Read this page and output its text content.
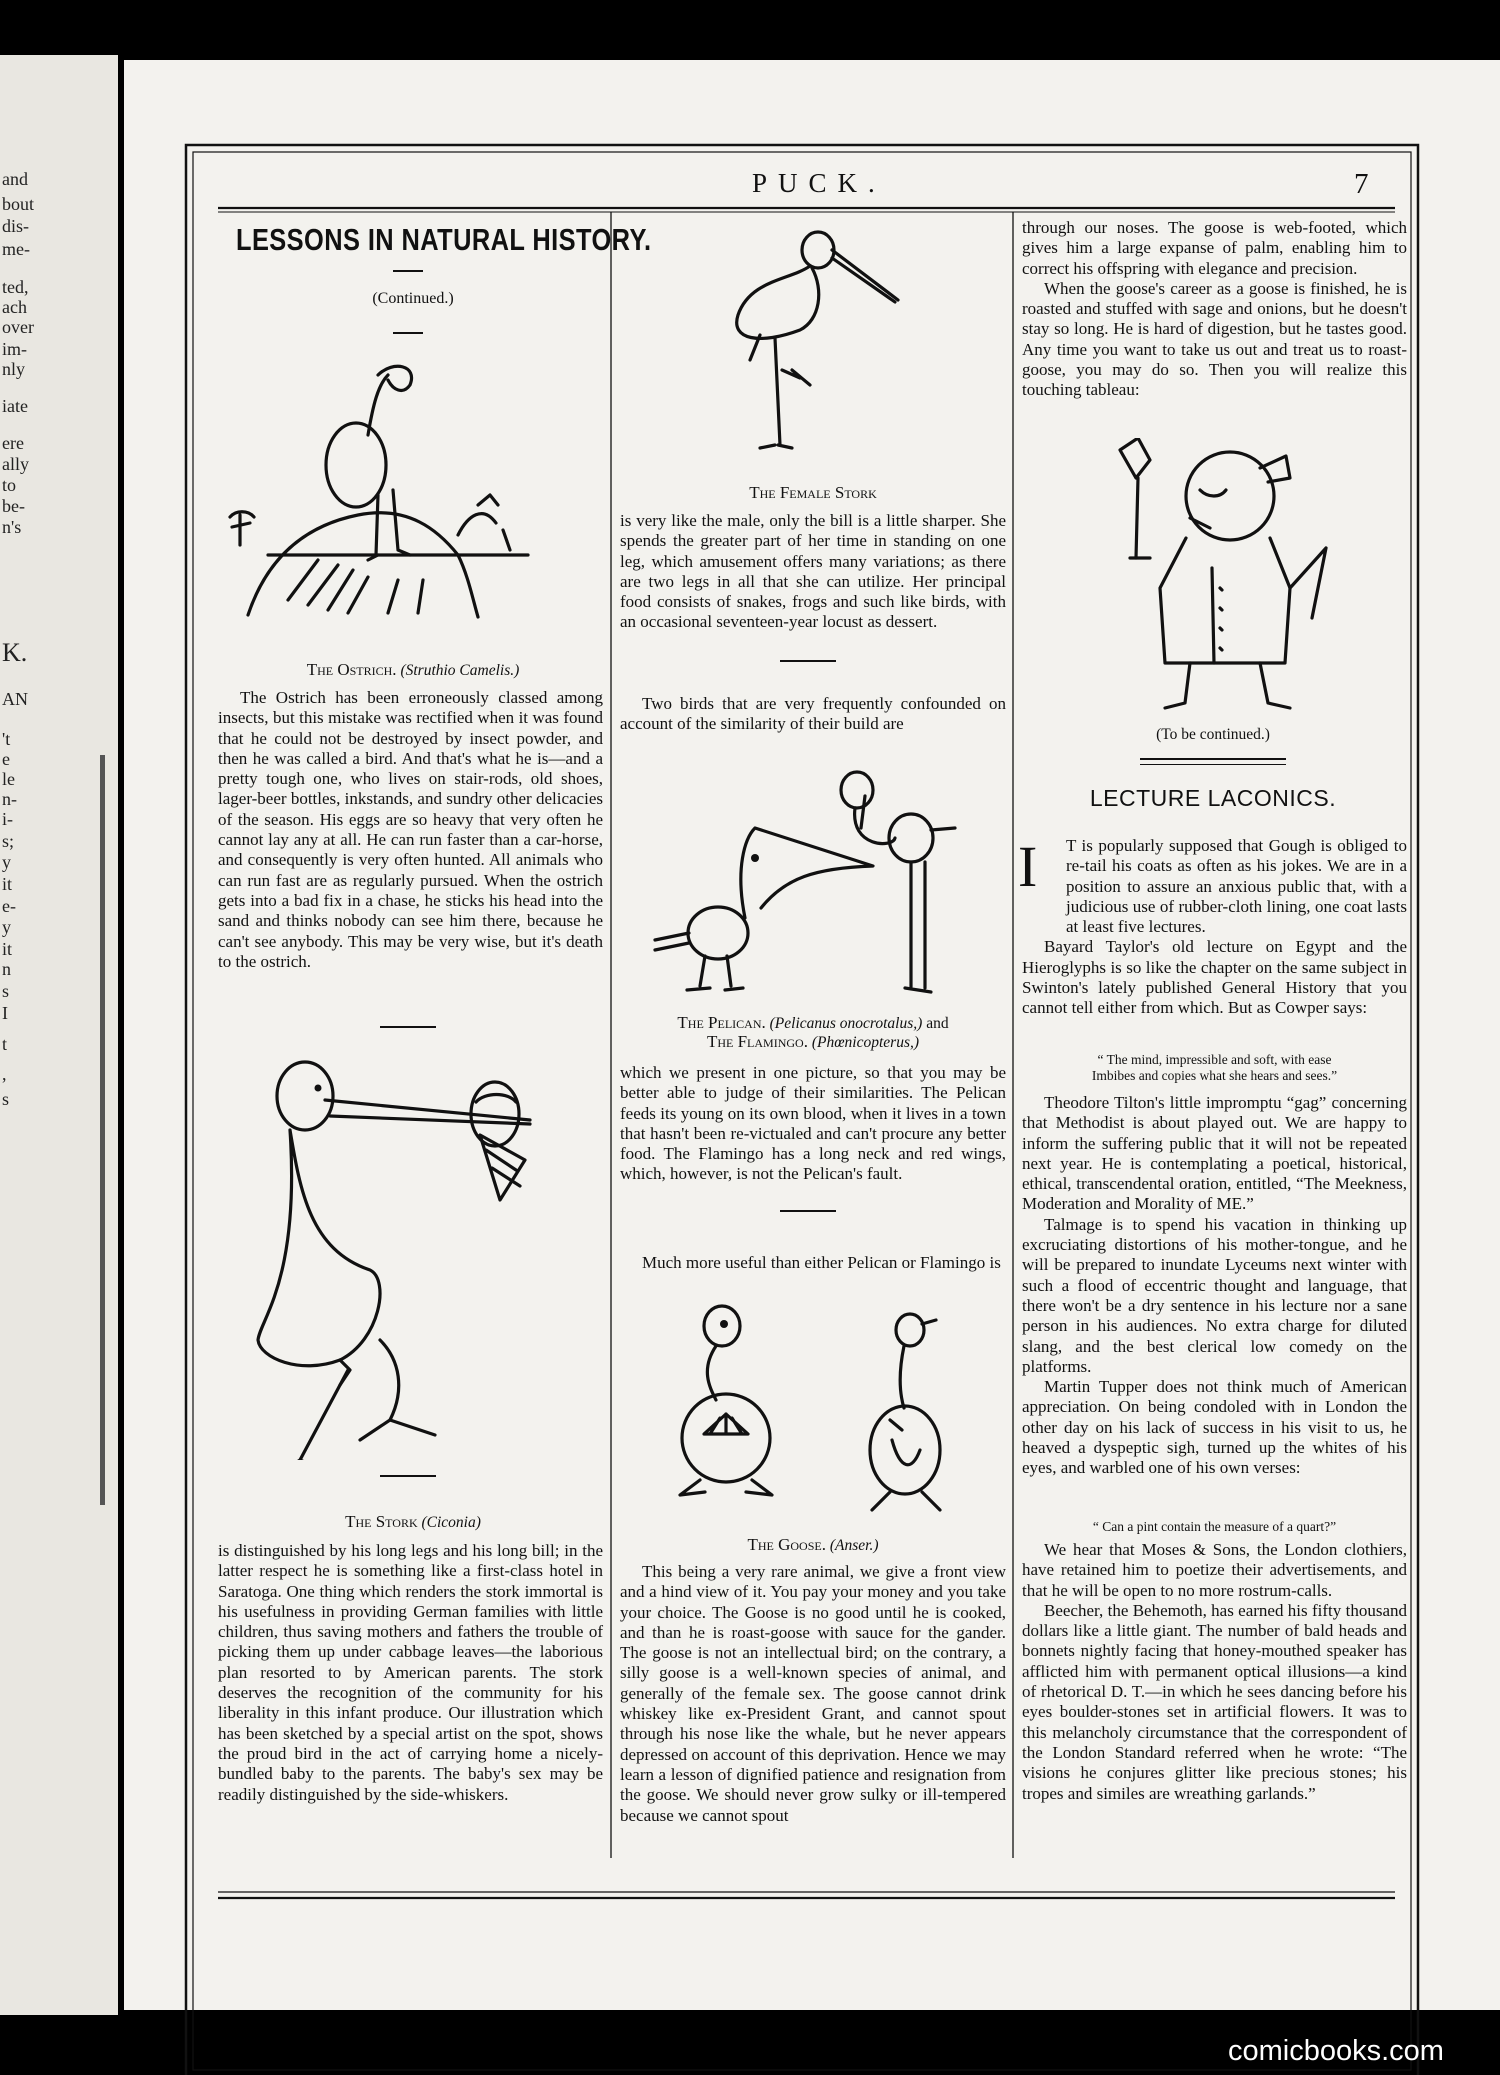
and
bout
dis-
me-
ted,
ach
over
im-
nly
iate
ere
ally
to
be-
n's
K.
AN
't
e
le
n-
i-
s;
y
it
e-
y
it
n
s
I
t
,
s
PUCK.	7
LESSONS IN NATURAL HISTORY.
(Continued.)
The Ostrich. (Struthio Camelis.)

The Ostrich has been erroneously classed among insects, but this mistake was rectified when it was found that he could not be destroyed by insect powder, and then he was called a bird. And that's what he is—and a pretty tough one, who lives on stair-rods, old shoes, lager-beer bottles, inkstands, and sundry other delicacies of the season. His eggs are so heavy that very often he cannot lay any at all. He can run faster than a car-horse, and consequently is very often hunted. All animals who can run fast are as regularly pursued. When the ostrich gets into a bad fix in a chase, he sticks his head into the sand and thinks nobody can see him there, because he can't see anybody. This may be very wise, but it's death to the ostrich.

The Stork (Ciconia)

is distinguished by his long legs and his long bill; in the latter respect he is something like a first-class hotel in Saratoga. One thing which renders the stork immortal is his usefulness in providing German families with little children, thus saving mothers and fathers the trouble of picking them up under cabbage leaves—the laborious plan resorted to by American parents. The stork deserves the recognition of the community for his liberality in this infant produce. Our illustration which has been sketched by a special artist on the spot, shows the proud bird in the act of carrying home a nicely-bundled baby to the parents. The baby's sex may be readily distinguished by the side-whiskers.

The Female Stork

is very like the male, only the bill is a little sharper. She spends the greater part of her time in standing on one leg, which amusement offers many variations; as there are two legs in all that she can utilize. Her principal food consists of snakes, frogs and such like birds, with an occasional seventeen-year locust as dessert.

Two birds that are very frequently confounded on account of the similarity of their build are

The Pelican. (Pelicanus onocrotalus,) and
The Flamingo. (Phœnicopterus,)

which we present in one picture, so that you may be better able to judge of their similarities. The Pelican feeds its young on its own blood, when it lives in a town that hasn't been re-victualed and can't procure any better food. The Flamingo has a long neck and red wings, which, however, is not the Pelican's fault.

Much more useful than either Pelican or Flamingo is

The Goose. (Anser.)

This being a very rare animal, we give a front view and a hind view of it. You pay your money and you take your choice. The Goose is no good until he is cooked, and than he is roast-goose with sauce for the gander. The goose is not an intellectual bird; on the contrary, a silly goose is a well-known species of animal, and generally of the female sex. The goose cannot drink whiskey like ex-President Grant, and cannot spout through his nose like the whale, but he never appears depressed on account of this deprivation. Hence we may learn a lesson of dignified patience and resignation from the goose. We should never grow sulky or ill-tempered because we cannot spout

through our noses. The goose is web-footed, which gives him a large expanse of palm, enabling him to correct his offspring with elegance and precision.

When the goose's career as a goose is finished, he is roasted and stuffed with sage and onions, but he doesn't stay so long. He is hard of digestion, but he tastes good. Any time you want to take us out and treat us to roast-goose, you may do so. Then you will realize this touching tableau:

(To be continued.)
LECTURE LACONICS.
I	T is popularly supposed that Gough is obliged to re-tail his coats as often as his jokes. We are in a position to assure an anxious public that, with a judicious use of rubber-cloth lining, one coat lasts at least five lectures.

Bayard Taylor's old lecture on Egypt and the Hieroglyphs is so like the chapter on the same subject in Swinton's lately published General History that you cannot tell either from which. But as Cowper says:

“ The mind, impressible and soft, with ease
Imbibes and copies what she hears and sees.”

Theodore Tilton's little impromptu “gag” concerning that Methodist is about played out. We are happy to inform the suffering public that it will not be repeated next year. He is contemplating a poetical, historical, ethical, transcendental oration, entitled, “The Meekness, Moderation and Morality of ME.”

Talmage is to spend his vacation in thinking up excruciating distortions of his mother-tongue, and he will be prepared to inundate Lyceums next winter with such a flood of eccentric thought and language, that there won't be a dry sentence in his lecture nor a sane person in his audiences. No extra charge for diluted slang, and the best clerical low comedy on the platforms.

Martin Tupper does not think much of American appreciation. On being condoled with in London the other day on his lack of success in his visit to us, he heaved a dyspeptic sigh, turned up the whites of his eyes, and warbled one of his own verses:

“ Can a pint contain the measure of a quart?”

We hear that Moses & Sons, the London clothiers, have retained him to poetize their advertisements, and that he will be open to no more rostrum-calls.

Beecher, the Behemoth, has earned his fifty thousand dollars like a little giant. The number of bald heads and bonnets nightly facing that honey-mouthed speaker has afflicted him with permanent optical illusions—a kind of rhetorical D. T.—in which he sees dancing before his eyes boulder-stones set in artificial flowers. It was to this melancholy circumstance that the correspondent of the London Standard referred when he wrote: “The visions he conjures glitter like precious stones; his tropes and similes are wreathing garlands.”

comicbooks.com
